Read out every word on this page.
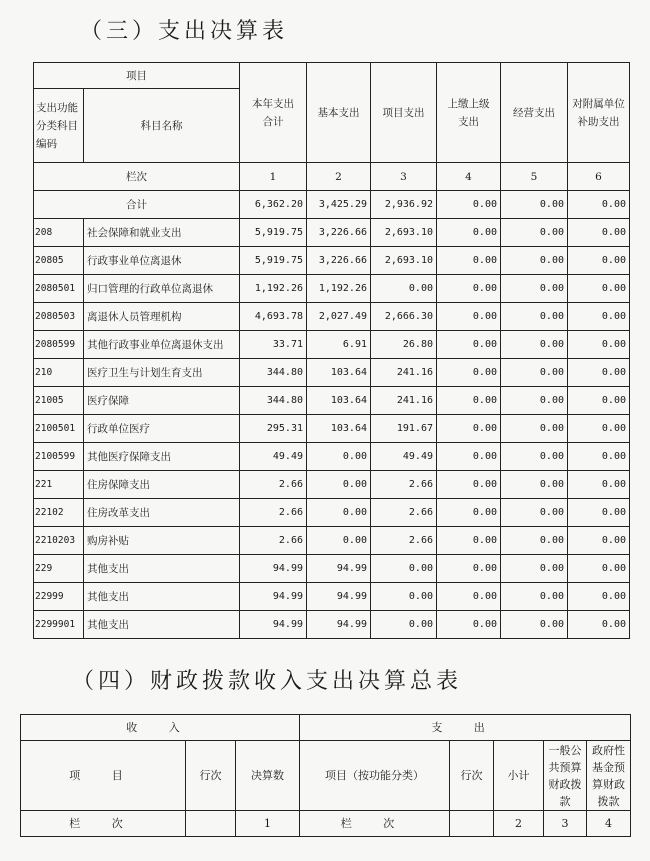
（三）支出决算表
项目		本年支出合计	基本支出	项目支出	上缴上级支出	经营支出	对附属单位补助支出
支出功能分类科目编码	科目名称						
栏次		1	2	3	4	5	6
合计		6,362.20	3,425.29	2,936.92	0.00	0.00	0.00
208	社会保障和就业支出	5,919.75	3,226.66	2,693.10	0.00	0.00	0.00
20805	行政事业单位离退休	5,919.75	3,226.66	2,693.10	0.00	0.00	0.00
2080501	归口管理的行政单位离退休	1,192.26	1,192.26	0.00	0.00	0.00	0.00
2080503	离退休人员管理机构	4,693.78	2,027.49	2,666.30	0.00	0.00	0.00
2080599	其他行政事业单位离退休支出	33.71	6.91	26.80	0.00	0.00	0.00
210	医疗卫生与计划生育支出	344.80	103.64	241.16	0.00	0.00	0.00
21005	医疗保障	344.80	103.64	241.16	0.00	0.00	0.00
2100501	行政单位医疗	295.31	103.64	191.67	0.00	0.00	0.00
2100599	其他医疗保障支出	49.49	0.00	49.49	0.00	0.00	0.00
221	住房保障支出	2.66	0.00	2.66	0.00	0.00	0.00
22102	住房改革支出	2.66	0.00	2.66	0.00	0.00	0.00
2210203	购房补贴	2.66	0.00	2.66	0.00	0.00	0.00
229	其他支出	94.99	94.99	0.00	0.00	0.00	0.00
22999	其他支出	94.99	94.99	0.00	0.00	0.00	0.00
2299901	其他支出	94.99	94.99	0.00	0.00	0.00	0.00
（四）财政拨款收入支出决算总表
收 入			支 出				
项 目	行次	决算数	项目（按功能分类）	行次	小计	一般公共预算财政拨款	政府性基金预算财政拨款
栏 次		1	栏 次		2	3	4
